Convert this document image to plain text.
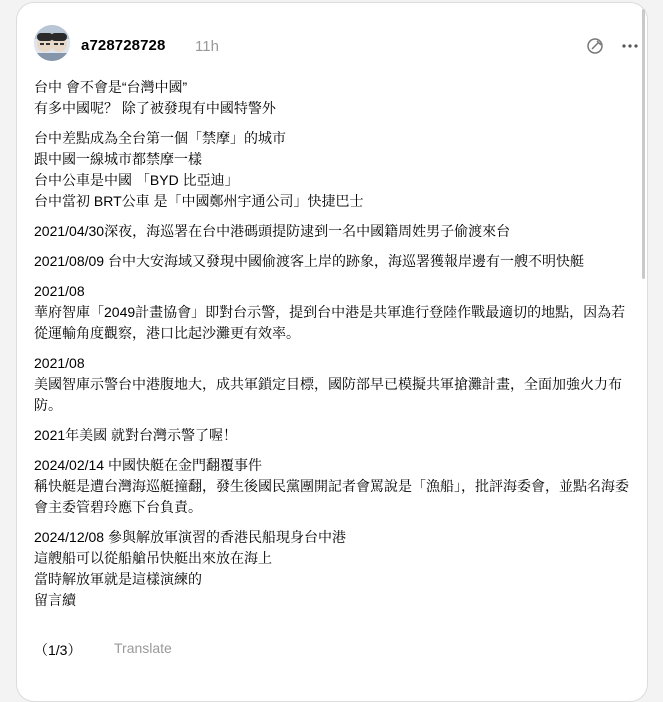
a728728728 11h

台中 會不會是“台灣中國”
有多中國呢？ 除了被發現有中國特警外

台中差點成為全台第一個「禁摩」的城市
跟中國一線城市都禁摩一樣
台中公車是中國 「BYD 比亞迪」
台中當初 BRT公車 是「中國鄭州宇通公司」快捷巴士

2021/04/30深夜，海巡署在台中港碼頭提防逮到一名中國籍周姓男子偷渡來台

2021/08/09 台中大安海域又發現中國偷渡客上岸的跡象，海巡署獲報岸邊有一艘不明快艇

2021/08
華府智庫「2049計畫協會」即對台示警，提到台中港是共軍進行登陸作戰最適切的地點，因為若從運輸角度觀察，港口比起沙灘更有效率。

2021/08
美國智庫示警台中港腹地大，成共軍鎖定目標，國防部早已模擬共軍搶灘計畫，全面加強火力布防。

2021年美國 就對台灣示警了喔！

2024/02/14 中國快艇在金門翻覆事件
稱快艇是遭台灣海巡艇撞翻，發生後國民黨團開記者會罵說是「漁船」，批評海委會，並點名海委會主委管碧玲應下台負責。

2024/12/08 參與解放軍演習的香港民船現身台中港
這艘船可以從船艙吊快艇出來放在海上
當時解放軍就是這樣演練的
留言續

（1/3） Translate
